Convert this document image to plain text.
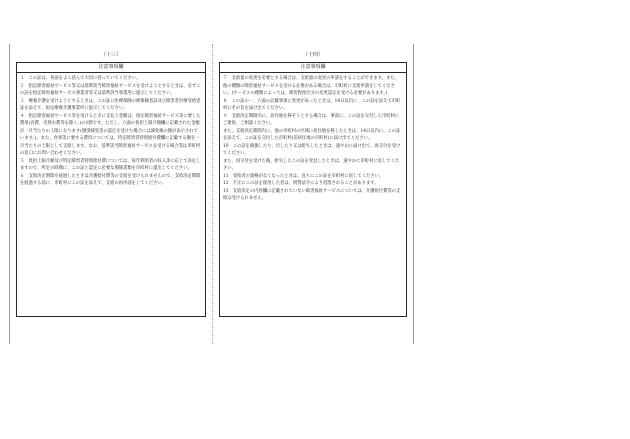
（十三）
注意事項欄
１　この証は、各面をよく読んで大切に持っていてください。
２　指定障害福祉サービス等又は基準該当障害福祉サービスを受けようとするときは、必ずこの証を指定障害福祉サービス事業者等又は基準該当事業所に提示してください。
３　療養介護を受けようとするときは、この証に医療保険の被保険者証及び障害者医療受給者証を添えて、指定療養介護事業所に提示してください。
４　指定障害福祉サービス等を受けるときに支払う金額は、指定障害福祉サービス等に要した費用(食費、光熱水費等を除く。)の1割です。ただし、六面の負担上限月額欄に記載された金額が一月当たりの上限になります(個別減免等の認定を受けた場合には減免後の額が表示されています。)。また、食事等に要する費用については、特定障害者特別給付費欄に記載する額を一月当たりの上限として支給します。なお、基準該当障害福祉サービスを受ける場合等は市町村の窓口にお問い合わせください。
５　負担上限月額及び特定障害者特別給付費については、毎年利用者の収入等に応じて決定しますので、所定の時期に、この証と認定に必要な関係書類を市町村に提出してください。
６　支給決定期間を経過したときは介護給付費等の支給を受けられませんので、支給決定期間を経過する前に、市町村にこの証を添えて、支給の再申請をしてください。
（十四）
注意事項欄
７　支給量の変更を必要とする場合は、支給量の変更の申請をすることができます。また、他の種類の障害福祉サービスを受ける必要がある場合は、市町村に支給申請をしてください。(サービスの種類によっては、障害程度区分の変更認定を受ける必要があります。)
８　この証の一、六面の記載事項に変更があったときは、14日以内に、この証を添えて市町村にその旨を届け出てください。
９　支給決定期間内に、居住地を移そうとする場合は、事前に、この証を交付した市町村にご連絡、ご相談ください。
また、支給決定期間内に、他の市町村の区域に居住地を移したときは、14日以内に、この証を添えて、この証を交付した市町村(旧居住地の市町村)に届け出てください。
10　この証を破損したり、汚したり又は紛失したときは、速やかに届け出て、再交付を受けてください。
また、再交付を受けた後、紛失したこの証を発見したときは、速やかに市町村に返してください。
11　受給者の資格がなくなったときは、直ちにこの証を市町村に返してください。
12　不正にこの証を使用した者は、刑罰法令により処罰されることがあります。
13　支給決定の内容欄に記載されていない障害福祉サービスについては、介護給付費等の支給は受けられません。
